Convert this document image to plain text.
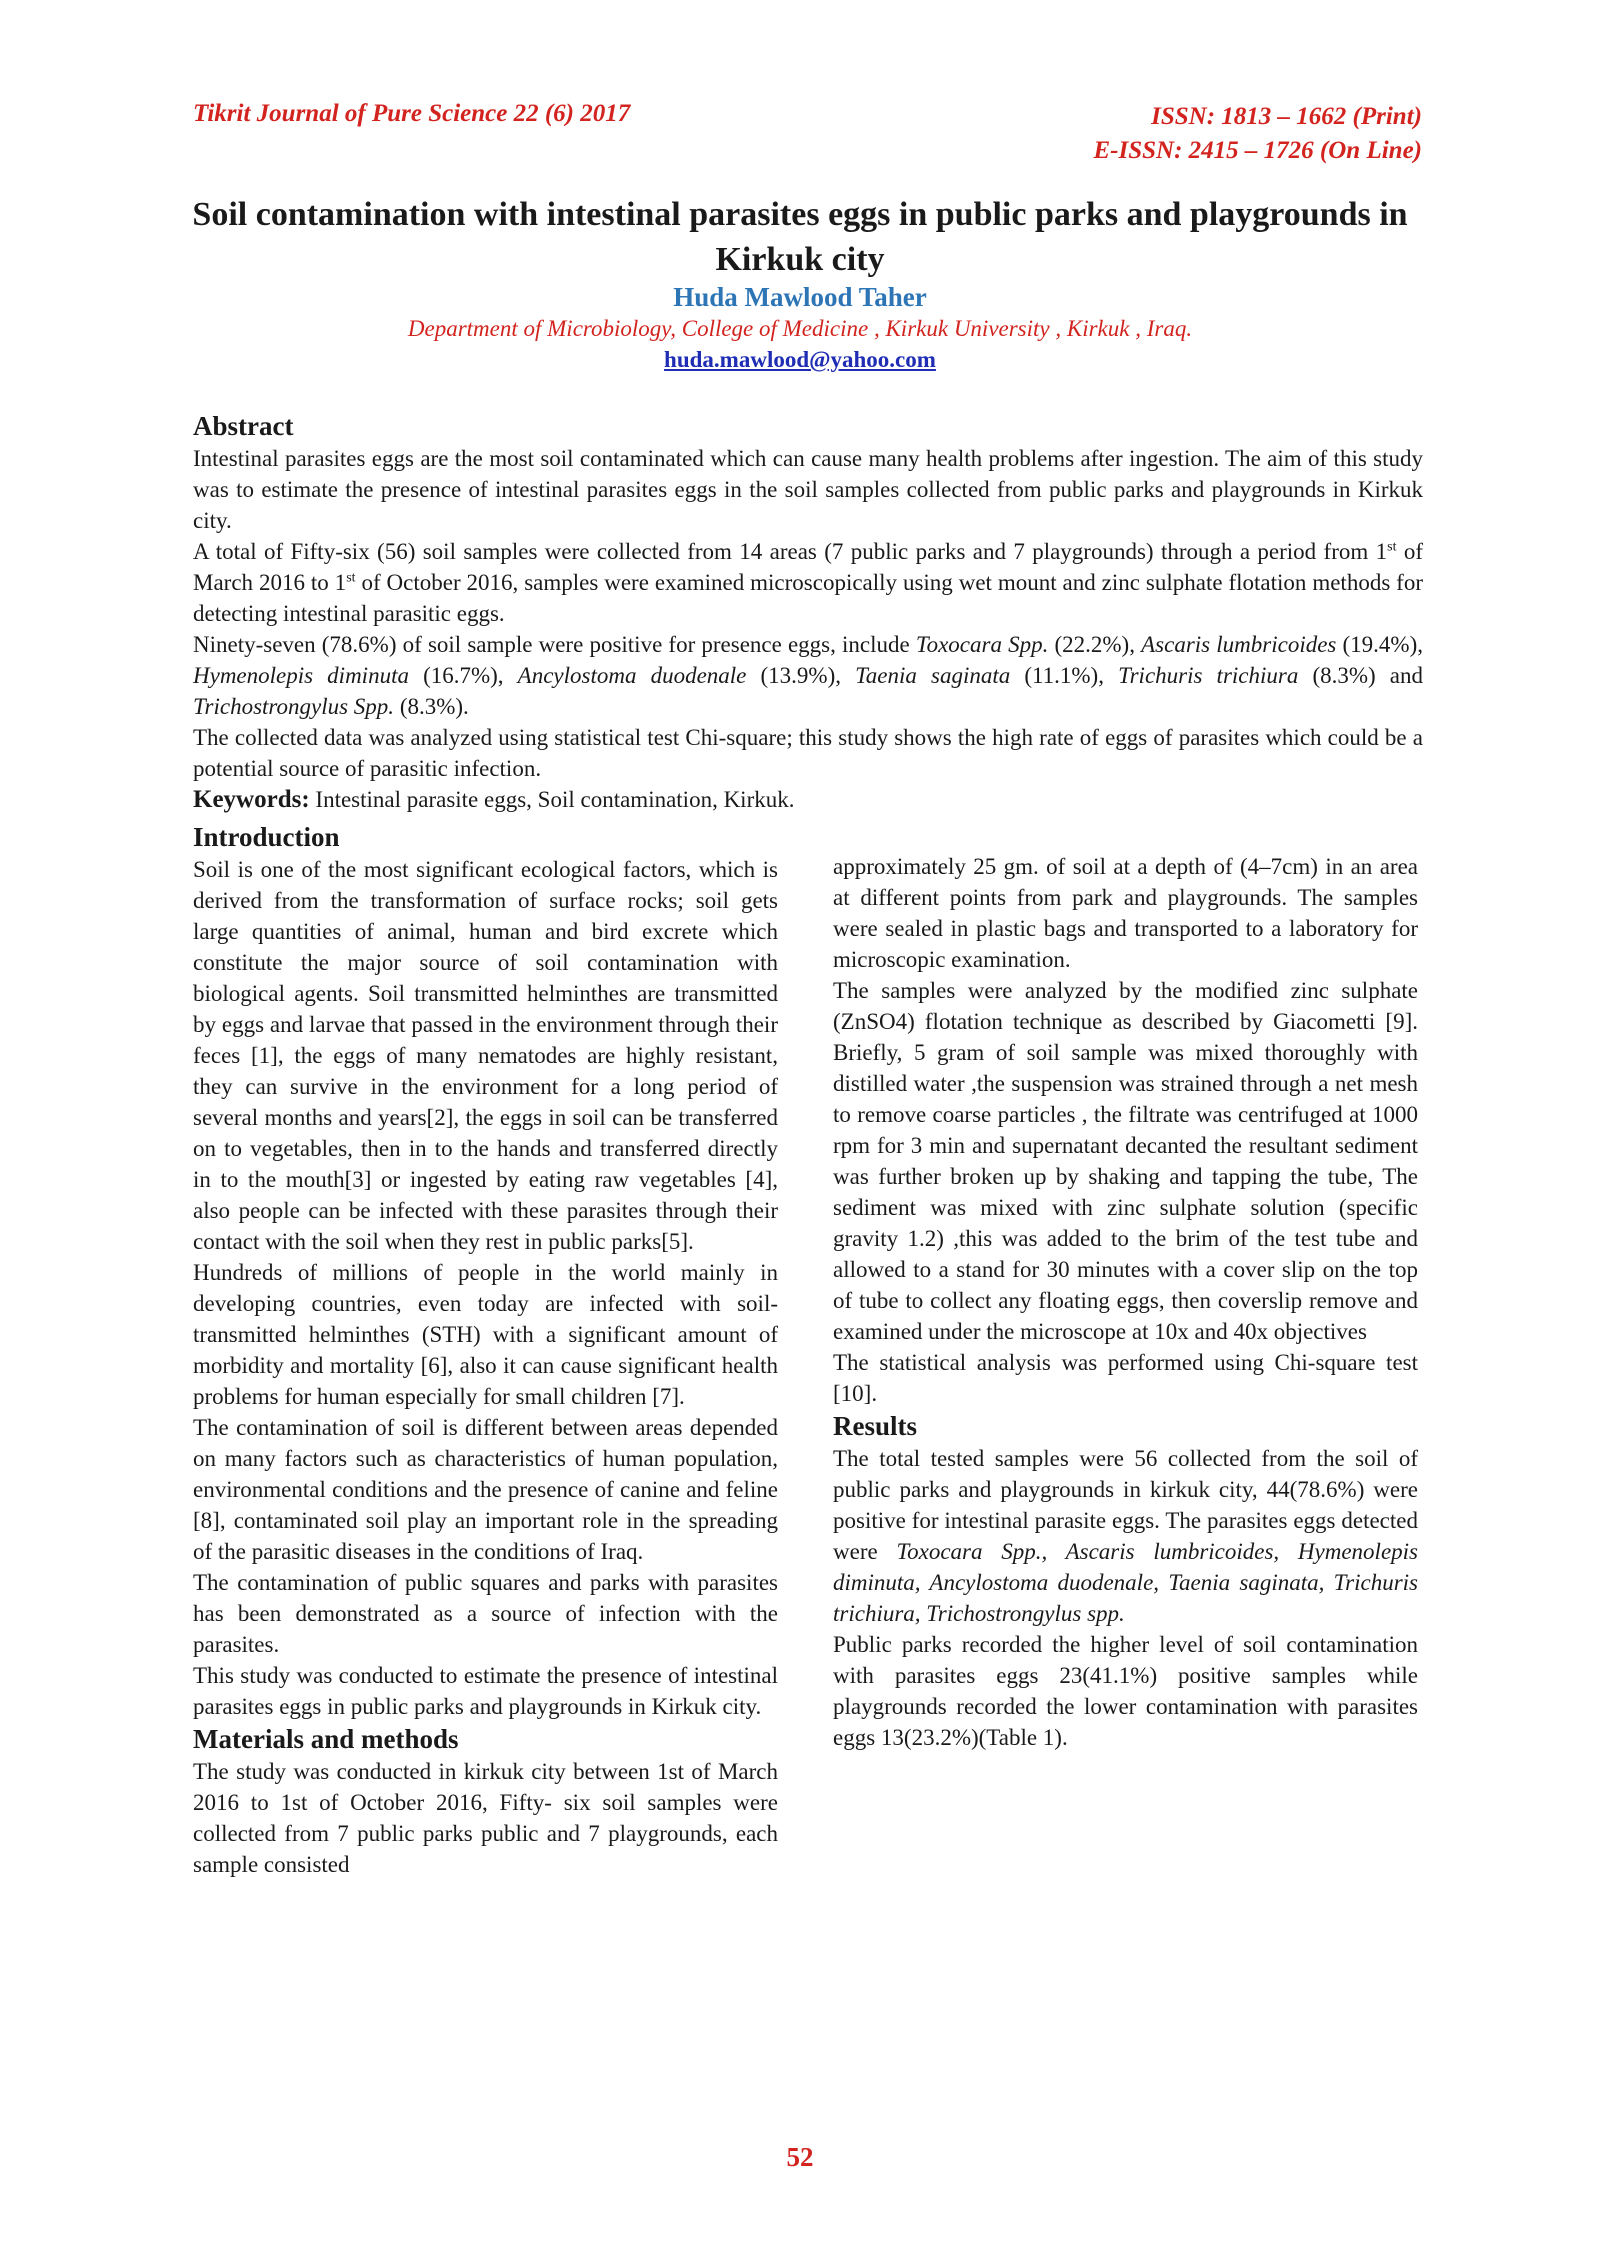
Tikrit Journal of Pure Science 22 (6) 2017	ISSN: 1813 – 1662 (Print)
E-ISSN: 2415 – 1726 (On Line)
Soil contamination with intestinal parasites eggs in public parks and playgrounds in Kirkuk city
Huda Mawlood Taher
Department of Microbiology, College of Medicine , Kirkuk University , Kirkuk , Iraq.
huda.mawlood@yahoo.com
Abstract

Intestinal parasites eggs are the most soil contaminated which can cause many health problems after ingestion. The aim of this study was to estimate the presence of intestinal parasites eggs in the soil samples collected from public parks and playgrounds in Kirkuk city.

A total of Fifty-six (56) soil samples were collected from 14 areas (7 public parks and 7 playgrounds) through a period from 1st of March 2016 to 1st of October 2016, samples were examined microscopically using wet mount and zinc sulphate flotation methods for detecting intestinal parasitic eggs.

Ninety-seven (78.6%) of soil sample were positive for presence eggs, include Toxocara Spp. (22.2%), Ascaris lumbricoides (19.4%), Hymenolepis diminuta (16.7%), Ancylostoma duodenale (13.9%), Taenia saginata (11.1%), Trichuris trichiura (8.3%) and Trichostrongylus Spp. (8.3%).

The collected data was analyzed using statistical test Chi-square; this study shows the high rate of eggs of parasites which could be a potential source of parasitic infection.

Keywords: Intestinal parasite eggs, Soil contamination, Kirkuk.

Introduction

Soil is one of the most significant ecological factors, which is derived from the transformation of surface rocks; soil gets large quantities of animal, human and bird excrete which constitute the major source of soil contamination with biological agents. Soil transmitted helminthes are transmitted by eggs and larvae that passed in the environment through their feces [1], the eggs of many nematodes are highly resistant, they can survive in the environment for a long period of several months and years[2], the eggs in soil can be transferred on to vegetables, then in to the hands and transferred directly in to the mouth[3] or ingested by eating raw vegetables [4], also people can be infected with these parasites through their contact with the soil when they rest in public parks[5].

Hundreds of millions of people in the world mainly in developing countries, even today are infected with soil-transmitted helminthes (STH) with a significant amount of morbidity and mortality [6], also it can cause significant health problems for human especially for small children [7].

The contamination of soil is different between areas depended on many factors such as characteristics of human population, environmental conditions and the presence of canine and feline [8], contaminated soil play an important role in the spreading of the parasitic diseases in the conditions of Iraq.

The contamination of public squares and parks with parasites has been demonstrated as a source of infection with the parasites.

This study was conducted to estimate the presence of intestinal parasites eggs in public parks and playgrounds in Kirkuk city.

Materials and methods

The study was conducted in kirkuk city between 1st of March 2016 to 1st of October 2016, Fifty- six soil samples were collected from 7 public parks public and 7 playgrounds, each sample consisted

approximately 25 gm. of soil at a depth of (4–7cm) in an area at different points from park and playgrounds. The samples were sealed in plastic bags and transported to a laboratory for microscopic examination.

The samples were analyzed by the modified zinc sulphate (ZnSO4) flotation technique as described by Giacometti [9]. Briefly, 5 gram of soil sample was mixed thoroughly with distilled water ,the suspension was strained through a net mesh to remove coarse particles , the filtrate was centrifuged at 1000 rpm for 3 min and supernatant decanted the resultant sediment was further broken up by shaking and tapping the tube, The sediment was mixed with zinc sulphate solution (specific gravity 1.2) ,this was added to the brim of the test tube and allowed to a stand for 30 minutes with a cover slip on the top of tube to collect any floating eggs, then coverslip remove and examined under the microscope at 10x and 40x objectives

The statistical analysis was performed using Chi-square test [10].

Results

The total tested samples were 56 collected from the soil of public parks and playgrounds in kirkuk city, 44(78.6%) were positive for intestinal parasite eggs. The parasites eggs detected were Toxocara Spp., Ascaris lumbricoides, Hymenolepis diminuta, Ancylostoma duodenale, Taenia saginata, Trichuris trichiura, Trichostrongylus spp.

Public parks recorded the higher level of soil contamination with parasites eggs 23(41.1%) positive samples while playgrounds recorded the lower contamination with parasites eggs 13(23.2%)(Table 1).

52
